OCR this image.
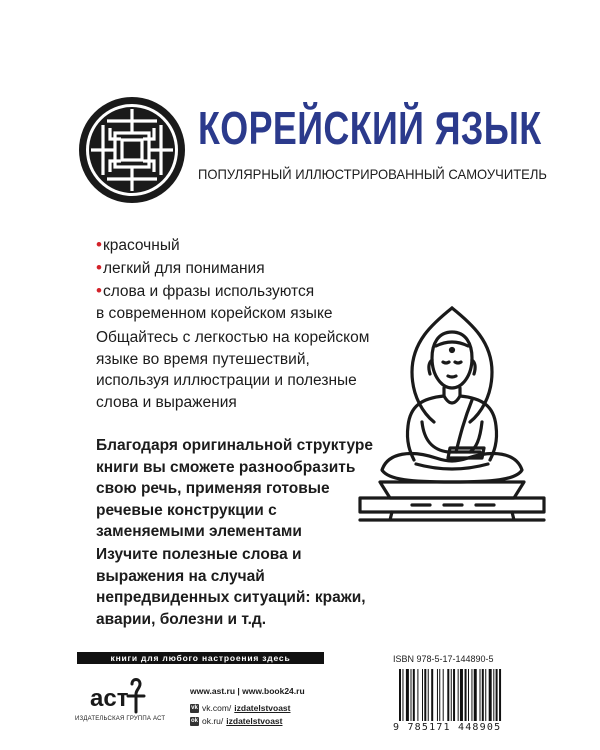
КОРЕЙСКИЙ ЯЗЫК
ПОПУЛЯРНЫЙ ИЛЛЮСТРИРОВАННЫЙ САМОУЧИТЕЛЬ
•красочный
•легкий для понимания
•слова и фразы используются
в современном корейском языке
Общайтесь с легкостью на корейском языке во время путешествий, используя иллюстрации и полезные слова и выражения
Благодаря оригинальной структуре книги вы сможете разнообразить свою речь, применяя готовые речевые конструкции с заменяемыми элементами
Изучите полезные слова и выражения на случай непредвиденных ситуаций: кражи, аварии, болезни и т.д.
книги для любого настроения здесь
аст
ИЗДАТЕЛЬСКАЯ ГРУППА АСТ
www.ast.ru | www.book24.ru
vk vk.com/ izdatelstvoast
ok ok.ru/ izdatelstvoast
ISBN 978-5-17-144890-5
9 785171 448905
